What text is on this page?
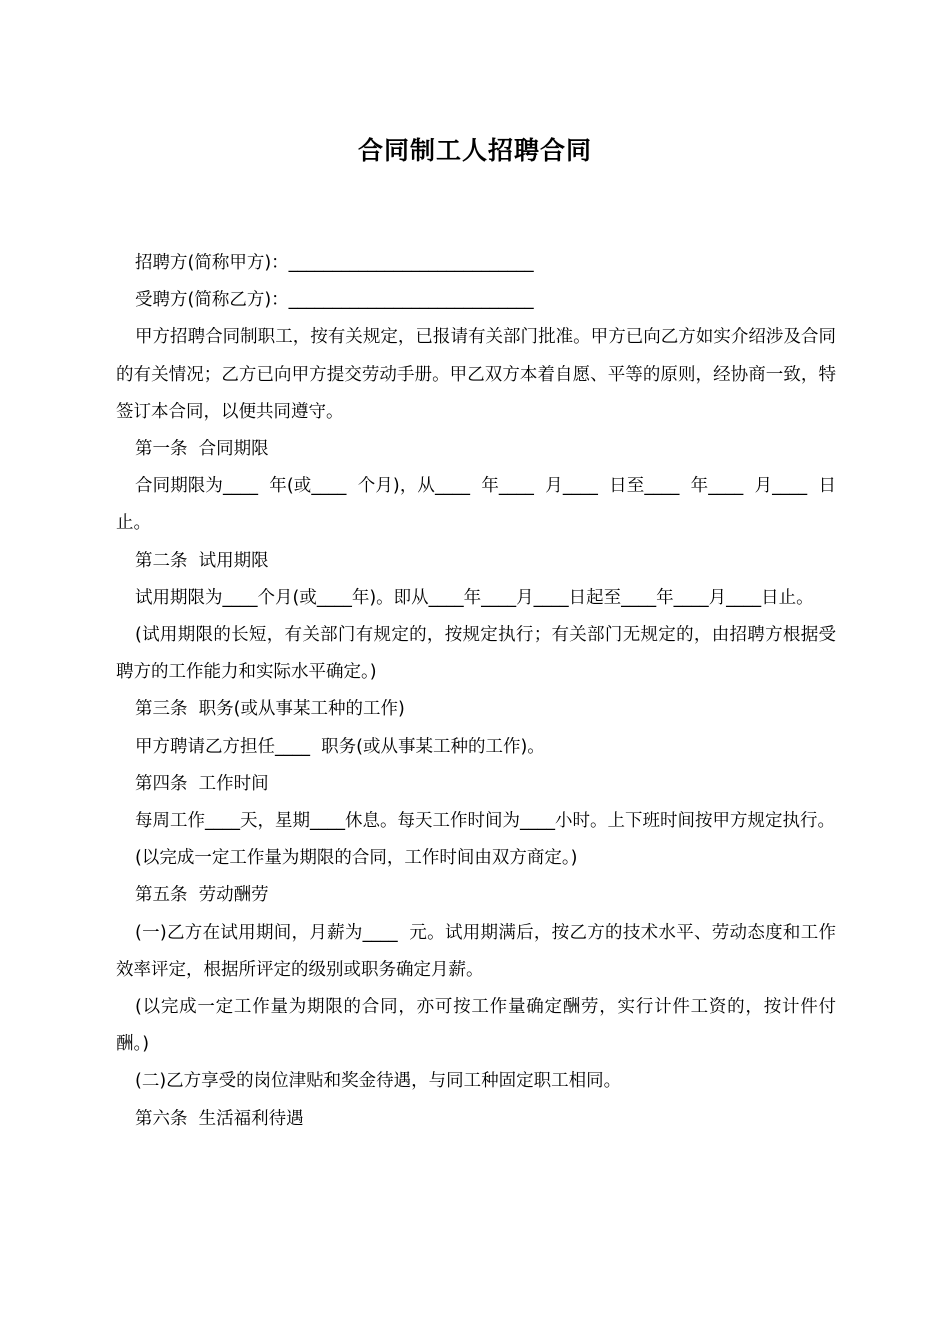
合同制工人招聘合同

招聘方(简称甲方)：____________________________

受聘方(简称乙方)：____________________________

甲方招聘合同制职工，按有关规定，已报请有关部门批准。甲方已向乙方如实介绍涉及合同的有关情况；乙方已向甲方提交劳动手册。甲乙双方本着自愿、平等的原则，经协商一致，特签订本合同，以便共同遵守。

第一条  合同期限

合同期限为____  年(或____  个月)，从____  年____  月____  日至____  年____  月____  日止。

第二条  试用期限

试用期限为____个月(或____年)。即从____年____月____日起至____年____月____日止。

(试用期限的长短，有关部门有规定的，按规定执行；有关部门无规定的，由招聘方根据受聘方的工作能力和实际水平确定。)

第三条  职务(或从事某工种的工作)

甲方聘请乙方担任____  职务(或从事某工种的工作)。

第四条  工作时间

每周工作____天，星期____休息。每天工作时间为____小时。上下班时间按甲方规定执行。

(以完成一定工作量为期限的合同，工作时间由双方商定。)

第五条  劳动酬劳

(一)乙方在试用期间，月薪为____  元。试用期满后，按乙方的技术水平、劳动态度和工作效率评定，根据所评定的级别或职务确定月薪。

(以完成一定工作量为期限的合同，亦可按工作量确定酬劳，实行计件工资的，按计件付酬。)

(二)乙方享受的岗位津贴和奖金待遇，与同工种固定职工相同。

第六条  生活福利待遇
